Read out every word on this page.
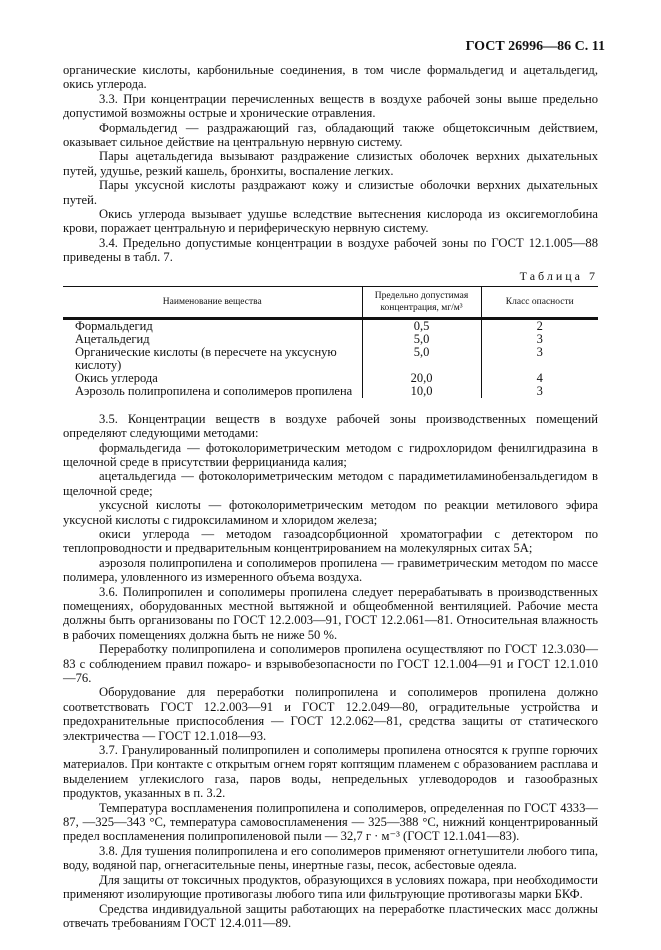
ГОСТ 26996—86 С. 11

органические кислоты, карбонильные соединения, в том числе формальдегид и ацетальдегид, окись углерода.

3.3. При концентрации перечисленных веществ в воздухе рабочей зоны выше предельно допустимой возможны острые и хронические отравления.

Формальдегид — раздражающий газ, обладающий также общетоксичным действием, оказывает сильное действие на центральную нервную систему.

Пары ацетальдегида вызывают раздражение слизистых оболочек верхних дыхательных путей, удушье, резкий кашель, бронхиты, воспаление легких.

Пары уксусной кислоты раздражают кожу и слизистые оболочки верхних дыхательных путей.

Окись углерода вызывает удушье вследствие вытеснения кислорода из оксигемоглобина крови, поражает центральную и периферическую нервную систему.

3.4. Предельно допустимые концентрации в воздухе рабочей зоны по ГОСТ 12.1.005—88 приведены в табл. 7.

Таблица 7
Наименование вещества	Предельно допустимая концентрация, мг/м³	Класс опасности
Формальдегид	0,5	2
Ацетальдегид	5,0	3
Органические кислоты (в пересчете на уксусную кислоту)	5,0	3
Окись углерода	20,0	4
Аэрозоль полипропилена и сополимеров пропилена	10,0	3

3.5. Концентрации веществ в воздухе рабочей зоны производственных помещений определяют следующими методами:

формальдегида — фотоколориметрическим методом с гидрохлоридом фенилгидразина в щелочной среде в присутствии феррицианида калия;

ацетальдегида — фотоколориметрическим методом с парадиметиламинобензальдегидом в щелочной среде;

уксусной кислоты — фотоколориметрическим методом по реакции метилового эфира уксусной кислоты с гидроксиламином и хлоридом железа;

окиси углерода — методом газоадсорбционной хроматографии с детектором по теплопроводности и предварительным концентрированием на молекулярных ситах 5А;

аэрозоля полипропилена и сополимеров пропилена — гравиметрическим методом по массе полимера, уловленного из измеренного объема воздуха.

3.6. Полипропилен и сополимеры пропилена следует перерабатывать в производственных помещениях, оборудованных местной вытяжной и общеобменной вентиляцией. Рабочие места должны быть организованы по ГОСТ 12.2.003—91, ГОСТ 12.2.061—81. Относительная влажность в рабочих помещениях должна быть не ниже 50 %.

Переработку полипропилена и сополимеров пропилена осуществляют по ГОСТ 12.3.030—83 с соблюдением правил пожаро- и взрывобезопасности по ГОСТ 12.1.004—91 и ГОСТ 12.1.010—76.

Оборудование для переработки полипропилена и сополимеров пропилена должно соответствовать ГОСТ 12.2.003—91 и ГОСТ 12.2.049—80, оградительные устройства и предохранительные приспособления — ГОСТ 12.2.062—81, средства защиты от статического электричества — ГОСТ 12.1.018—93.

3.7. Гранулированный полипропилен и сополимеры пропилена относятся к группе горючих материалов. При контакте с открытым огнем горят коптящим пламенем с образованием расплава и выделением углекислого газа, паров воды, непредельных углеводородов и газообразных продуктов, указанных в п. 3.2.

Температура воспламенения полипропилена и сополимеров, определенная по ГОСТ 4333—87, —325—343 °С, температура самовоспламенения — 325—388 °С, нижний концентрированный предел воспламенения полипропиленовой пыли — 32,7 г · м⁻³ (ГОСТ 12.1.041—83).

3.8. Для тушения полипропилена и его сополимеров применяют огнетушители любого типа, воду, водяной пар, огнегасительные пены, инертные газы, песок, асбестовые одеяла.

Для защиты от токсичных продуктов, образующихся в условиях пожара, при необходимости применяют изолирующие противогазы любого типа или фильтрующие противогазы марки БКФ.

Средства индивидуальной защиты работающих на переработке пластических масс должны отвечать требованиям ГОСТ 12.4.011—89.
